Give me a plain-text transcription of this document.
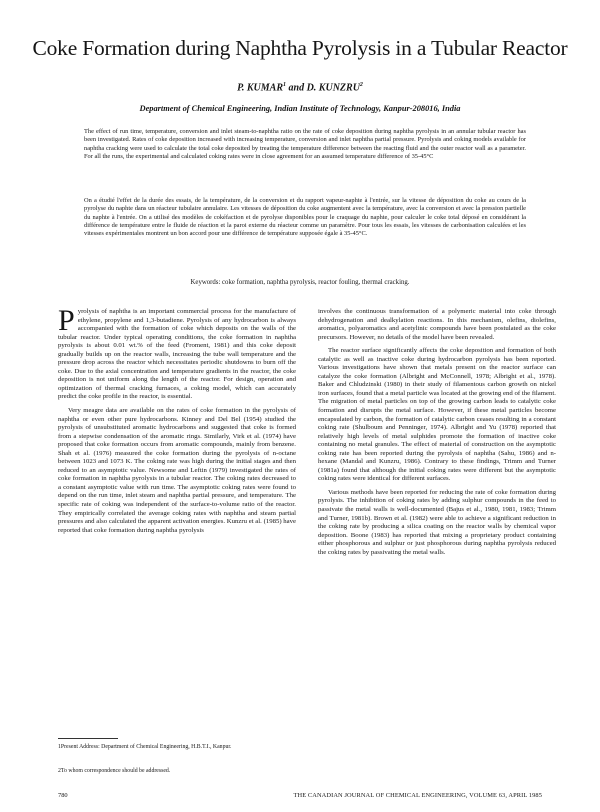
Coke Formation during Naphtha Pyrolysis in a Tubular Reactor
P. KUMAR$^1$ and D. KUNZRU$^2$
Department of Chemical Engineering, Indian Institute of Technology, Kanpur-208016, India

The effect of run time, temperature, conversion and inlet steam-to-naphtha ratio on the rate of coke deposition during naphtha pyrolysis in an annular tubular reactor has been investigated. Rates of coke deposition increased with increasing temperature, conversion and inlet naphtha partial pressure. Pyrolysis and coking models available for naphtha cracking were used to calculate the total coke deposited by treating the temperature difference between the reacting fluid and the outer reactor wall as a parameter. For all the runs, the experimental and calculated coking rates were in close agreement for an assumed temperature difference of 35-45°C

On a étudié l'effet de la durée des essais, de la température, de la conversion et du rapport vapeur-naphte à l'entrée, sur la vitesse de déposition du coke au cours de la pyrolyse du naphte dans un réacteur tubulaire annulaire. Les vitesses de déposition du coke augmentent avec la température, avec la conversion et avec la pression partielle du naphte à l'entrée. On a utilisé des modèles de cokéfaction et de pyrolyse disponibles pour le craquage du naphte, pour calculer le coke total déposé en considérant la différence de température entre le fluide de réaction et la paroi externe du réacteur comme un paramètre. Pour tous les essais, les vitesses de carbonisation calculées et les vitesses expérimentales montrent un bon accord pour une différence de température supposée égale à 35-45°C.

Keywords: coke formation, naphtha pyrolysis, reactor fouling, thermal cracking.

Pyrolysis of naphtha is an important commercial process for the manufacture of ethylene, propylene and 1,3-butadiene. Pyrolysis of any hydrocarbon is always accompanied with the formation of coke which deposits on the walls of the tubular reactor. Under typical operating conditions, the coke formation in naphtha pyrolysis is about 0.01 wt.% of the feed (Froment, 1981) and this coke deposit gradually builds up on the reactor walls, increasing the tube wall temperature and the pressure drop across the reactor which necessitates periodic shutdowns to burn off the coke. Due to the axial concentration and temperature gradients in the reactor, the coke deposition is not uniform along the length of the reactor. For design, operation and optimization of thermal cracking furnaces, a coking model, which can accurately predict the coke profile in the reactor, is essential.

Very meagre data are available on the rates of coke formation in the pyrolysis of naphtha or even other pure hydrocarbons. Kinney and Del Bel (1954) studied the pyrolysis of unsubstituted aromatic hydrocarbons and suggested that coke is formed from a stepwise condensation of the aromatic rings. Similarly, Virk et al. (1974) have proposed that coke formation occurs from aromatic compounds, mainly from benzene. Shah et al. (1976) measured the coke formation during the pyrolysis of n-octane between 1023 and 1073 K. The coking rate was high during the initial stages and then reduced to an asymptotic value. Newsome and Leftin (1979) investigated the rates of coke formation in naphtha pyrolysis in a tubular reactor. The coking rates decreased to a constant asymptotic value with run time. The asymptotic coking rates were found to depend on the run time, inlet steam and naphtha partial pressure, and temperature. The specific rate of coking was independent of the surface-to-volume ratio of the reactor. They empirically correlated the average coking rates with naphtha and steam partial pressures and also calculated the apparent activation energies. Kunzru et al. (1985) have reported that coke formation during naphtha pyrolysis

involves the continuous transformation of a polymeric material into coke through dehydrogenation and dealkylation reactions. In this mechanism, olefins, diolefins, aromatics, polyaromatics and acetylinic compounds have been postulated as the coke precursors. However, no details of the model have been revealed.

The reactor surface significantly affects the coke deposition and formation of both catalytic as well as inactive coke during hydrocarbon pyrolysis has been reported. Various investigations have shown that metals present on the reactor surface can catalyze the coke formation (Albright and McConnell, 1978; Albright et al., 1978). Baker and Chludzinski (1980) in their study of filamentous carbon growth on nickel iron surfaces, found that a metal particle was located at the growing end of the filament. The migration of metal particles on top of the growing carbon leads to catalytic coke formation and disrupts the metal surface. However, if these metal particles become encapsulated by carbon, the formation of catalytic carbon ceases resulting in a constant coking rate (Shulboum and Penninger, 1974). Albright and Yu (1978) reported that relatively high levels of metal sulphides promote the formation of inactive coke containing no metal granules. The effect of material of construction on the asymptotic coking rate has been reported during the pyrolysis of naphtha (Sahu, 1986) and n-hexane (Mandal and Kunzru, 1986). Contrary to these findings, Trimm and Turner (1981a) found that although the initial coking rates were different but the asymptotic coking rates were identical for different surfaces.

Various methods have been reported for reducing the rate of coke formation during pyrolysis. The inhibition of coking rates by adding sulphur compounds in the feed to passivate the metal walls is well-documented (Bajus et al., 1980, 1981, 1983; Trimm and Turner, 1981b). Brown et al. (1982) were able to achieve a significant reduction in the coking rate by producing a silica coating on the reactor walls by chemical vapor deposition. Boone (1983) has reported that mixing a proprietary product containing either phosphorous and sulphur or just phosphorous during naphtha pyrolysis reduced the coking rates by passivating the metal walls.

1Present Address: Department of Chemical Engineering, H.B.T.I., Kanpur.

2To whom correspondence should be addressed.

780	THE CANADIAN JOURNAL OF CHEMICAL ENGINEERING, VOLUME 63, APRIL 1985
